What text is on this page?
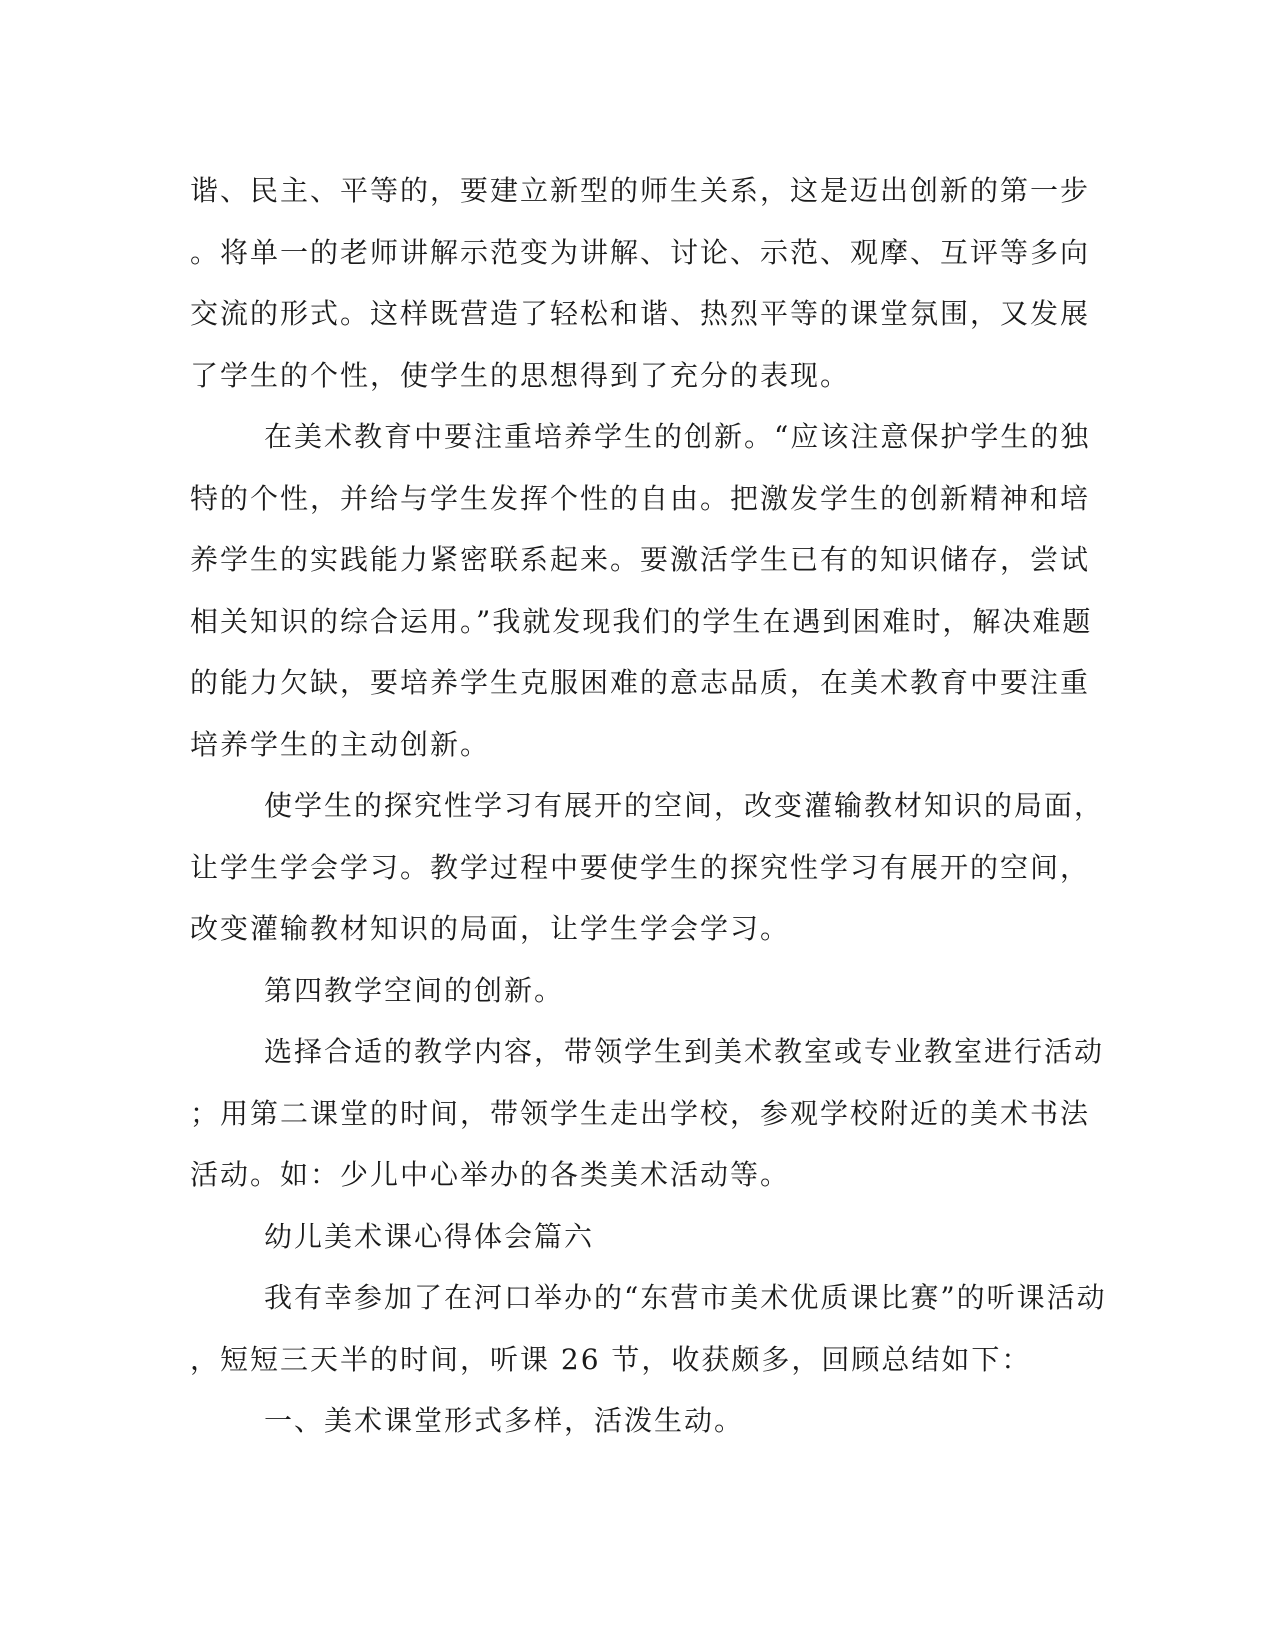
谐、民主、平等的，要建立新型的师生关系，这是迈出创新的第一步
。将单一的老师讲解示范变为讲解、讨论、示范、观摩、互评等多向
交流的形式。这样既营造了轻松和谐、热烈平等的课堂氛围，又发展
了学生的个性，使学生的思想得到了充分的表现。
在美术教育中要注重培养学生的创新。“应该注意保护学生的独
特的个性，并给与学生发挥个性的自由。把激发学生的创新精神和培
养学生的实践能力紧密联系起来。要激活学生已有的知识储存，尝试
相关知识的综合运用。”我就发现我们的学生在遇到困难时，解决难题
的能力欠缺，要培养学生克服困难的意志品质，在美术教育中要注重
培养学生的主动创新。
使学生的探究性学习有展开的空间，改变灌输教材知识的局面，
让学生学会学习。教学过程中要使学生的探究性学习有展开的空间，
改变灌输教材知识的局面，让学生学会学习。
第四教学空间的创新。
选择合适的教学内容，带领学生到美术教室或专业教室进行活动
；用第二课堂的时间，带领学生走出学校，参观学校附近的美术书法
活动。如：少儿中心举办的各类美术活动等。
幼儿美术课心得体会篇六
我有幸参加了在河口举办的“东营市美术优质课比赛”的听课活动
，短短三天半的时间，听课 26 节，收获颇多，回顾总结如下：
一、美术课堂形式多样，活泼生动。
